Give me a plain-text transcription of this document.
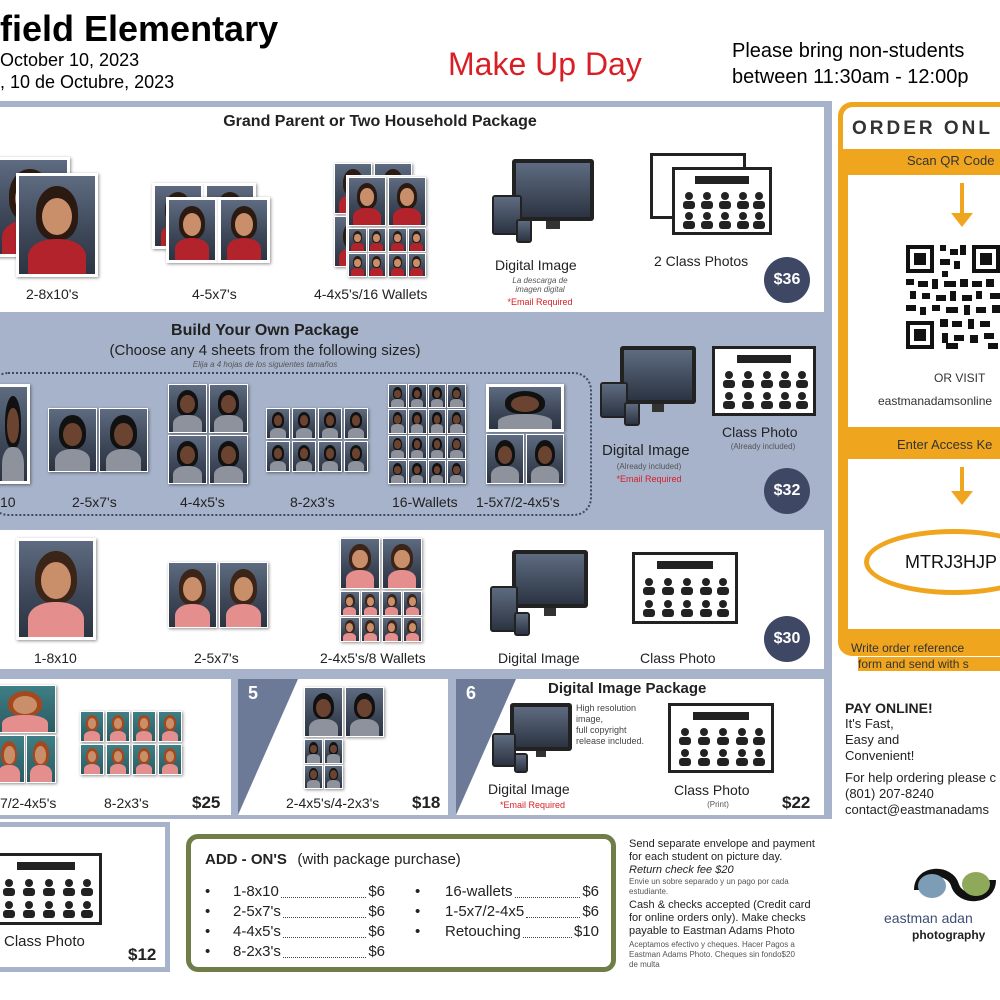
field Elementary
October 10, 2023
, 10 de Octubre, 2023	Make Up Day	Please bring non-students
between 11:30am - 12:00p
Grand Parent or Two Household Package
2-8x10's	4-5x7's	4-4x5's/16 Wallets
Digital Image
La descarga de
imagen digital
*Email Required
2 Class Photos
$36
Build Your Own Package
(Choose any 4 sheets from the following sizes)
Elija a 4 hojas de los siguientes tamaños
10	2-5x7's	4-4x5's	8-2x3's	16-Wallets 1-5x7/2-4x5's
Digital Image
(Already included)
*Email Required
Class Photo
(Already included)
$32
1-8x10	2-5x7's	2-4x5's/8 Wallets	Digital Image	Class Photo
$30
7/2-4x5's	8-2x3's	$25
5
2-4x5's/4-2x3's $18
6	Digital Image Package
High resolution
image,
full copyright
release included.
Digital Image
*Email Required
Class Photo
(Print)	$22
Class Photo
$12
ADD - ON'S (with package purchase)
•	1-8x10	$6
•	2-5x7's	$6
•	4-4x5's	$6
•	8-2x3's	$6
•	16-wallets	$6
•	1-5x7/2-4x5	$6
•	Retouching	$10
Send separate envelope and payment
for each student on picture day.
Return check fee $20
Envie un sobre separado y un pago por cada
estudiante.
Cash & checks accepted (Credit card
for online orders only). Make checks
payable to Eastman Adams Photo
Aceptamos efectivo y cheques. Hacer Pagos a
Eastman Adams Photo. Cheques sin fondo$20
de multa
ORDER ONL
Scan QR Code
OR VISIT
eastmanadamsonline
Enter Access Ke
MTRJ3HJP
Write order reference
form and send with s
PAY ONLINE!
It's Fast,
Easy and
Convenient!
For help ordering please c
(801) 207-8240
contact@eastmanadams
eastman adan
photography
